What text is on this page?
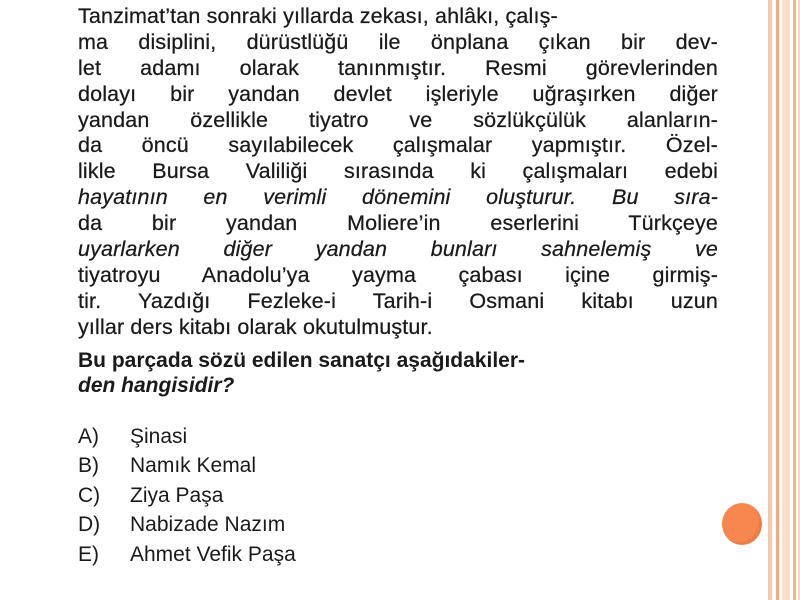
Tanzimat’tan sonraki yıllarda zekası, ahlâkı, çalış-
ma disiplini, dürüstlüğü ile önplana çıkan bir dev-
let adamı olarak tanınmıştır. Resmi görevlerinden
dolayı bir yandan devlet işleriyle uğraşırken diğer
yandan özellikle tiyatro ve sözlükçülük alanların-
da öncü sayılabilecek çalışmalar yapmıştır. Özel-
likle Bursa Valiliği sırasında ki çalışmaları edebi
hayatının en verimli dönemini oluşturur. Bu sıra-
da bir yandan Moliere’in eserlerini Türkçeye
uyarlarken diğer yandan bunları sahnelemiş ve
tiyatroyu Anadolu’ya yayma çabası içine girmiş-
tir. Yazdığı Fezleke-i Tarih-i Osmani kitabı uzun
yıllar ders kitabı olarak okutulmuştur.
Bu parçada sözü edilen sanatçı aşağıdakiler-
den hangisidir?
A) Şinasi
B) Namık Kemal
C) Ziya Paşa
D) Nabizade Nazım
E) Ahmet Vefik Paşa
